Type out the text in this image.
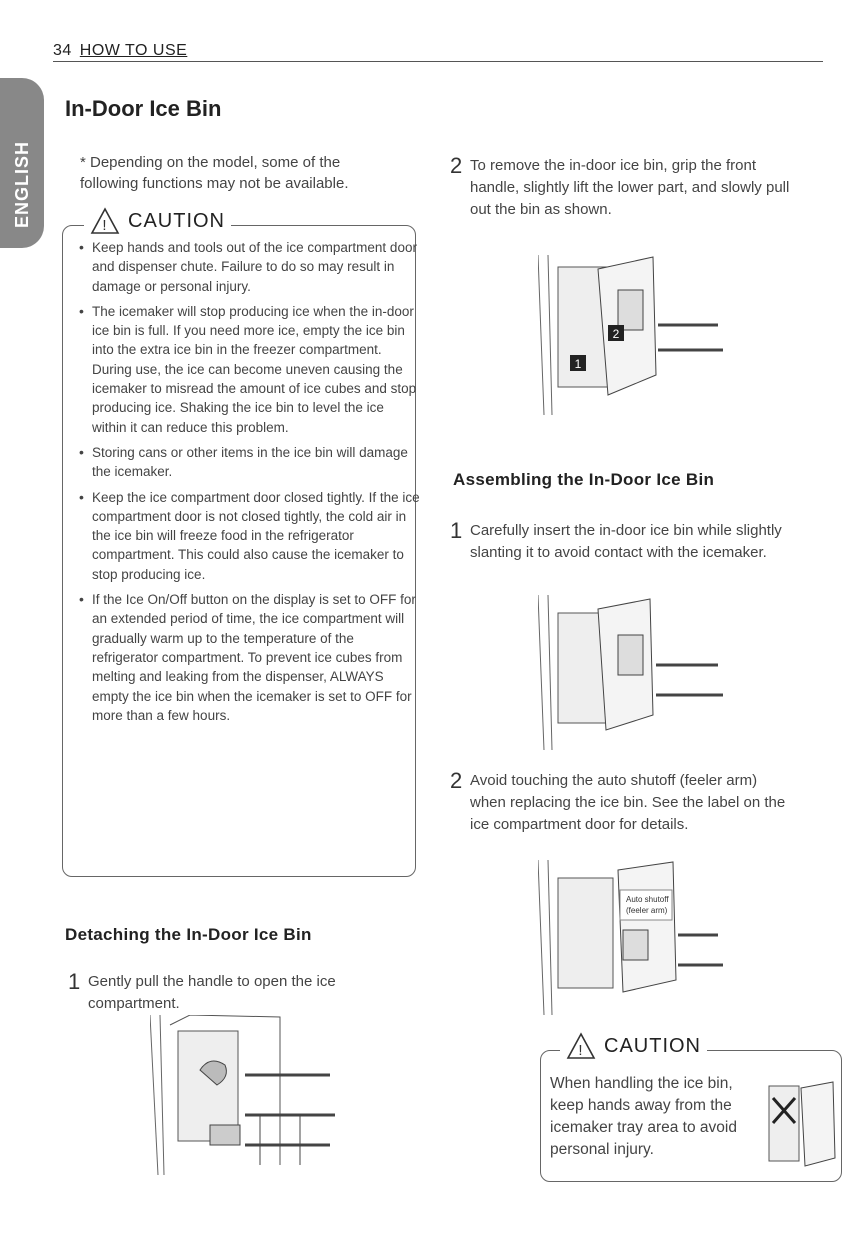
34 HOW TO USE
ENGLISH
In-Door Ice Bin
* Depending on the model, some of the following functions may not be available.
! CAUTION
• Keep hands and tools out of the ice compartment door and dispenser chute. Failure to do so may result in damage or personal injury.
• The icemaker will stop producing ice when the in-door ice bin is full. If you need more ice, empty the ice bin into the extra ice bin in the freezer compartment. During use, the ice can become uneven causing the icemaker to misread the amount of ice cubes and stop producing ice. Shaking the ice bin to level the ice within it can reduce this problem.
• Storing cans or other items in the ice bin will damage the icemaker.
• Keep the ice compartment door closed tightly. If the ice compartment door is not closed tightly, the cold air in the ice bin will freeze food in the refrigerator compartment. This could also cause the icemaker to stop producing ice.
• If the Ice On/Off button on the display is set to OFF for an extended period of time, the ice compartment will gradually warm up to the temperature of the refrigerator compartment. To prevent ice cubes from melting and leaking from the dispenser, ALWAYS empty the ice bin when the icemaker is set to OFF for more than a few hours.
Detaching the In-Door Ice Bin
1 Gently pull the handle to open the ice compartment.
2 To remove the in-door ice bin, grip the front handle, slightly lift the lower part, and slowly pull out the bin as shown.
2
1
Assembling the In-Door Ice Bin
1 Carefully insert the in-door ice bin while slightly slanting it to avoid contact with the icemaker.
2 Avoid touching the auto shutoff (feeler arm) when replacing the ice bin. See the label on the ice compartment door for details.
Auto shutoff
(feeler arm)
! CAUTION
When handling the ice bin, keep hands away from the icemaker tray area to avoid personal injury.
